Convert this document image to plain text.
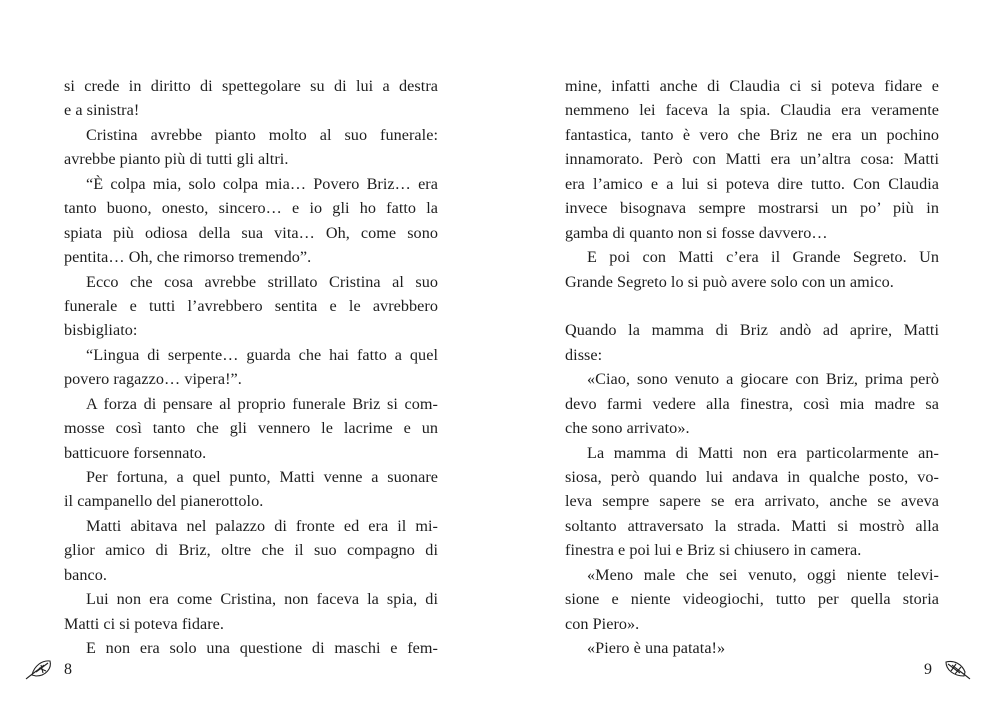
si crede in diritto di spettegolare su di lui a destra
e a sinistra!
Cristina avrebbe pianto molto al suo funerale:
avrebbe pianto più di tutti gli altri.
“È colpa mia, solo colpa mia… Povero Briz… era
tanto buono, onesto, sincero… e io gli ho fatto la
spiata più odiosa della sua vita… Oh, come sono
pentita… Oh, che rimorso tremendo”.
Ecco che cosa avrebbe strillato Cristina al suo
funerale e tutti l’avrebbero sentita e le avrebbero
bisbigliato:
“Lingua di serpente… guarda che hai fatto a quel
povero ragazzo… vipera!”.
A forza di pensare al proprio funerale Briz si com-
mosse così tanto che gli vennero le lacrime e un
batticuore forsennato.
Per fortuna, a quel punto, Matti venne a suonare
il campanello del pianerottolo.
Matti abitava nel palazzo di fronte ed era il mi-
glior amico di Briz, oltre che il suo compagno di
banco.
Lui non era come Cristina, non faceva la spia, di
Matti ci si poteva fidare.
E non era solo una questione di maschi e fem-
mine, infatti anche di Claudia ci si poteva fidare e
nemmeno lei faceva la spia. Claudia era veramente
fantastica, tanto è vero che Briz ne era un pochino
innamorato. Però con Matti era un’altra cosa: Matti
era l’amico e a lui si poteva dire tutto. Con Claudia
invece bisognava sempre mostrarsi un po’ più in
gamba di quanto non si fosse davvero…
E poi con Matti c’era il Grande Segreto. Un
Grande Segreto lo si può avere solo con un amico.
Quando la mamma di Briz andò ad aprire, Matti
disse:
«Ciao, sono venuto a giocare con Briz, prima però
devo farmi vedere alla finestra, così mia madre sa
che sono arrivato».
La mamma di Matti non era particolarmente an-
siosa, però quando lui andava in qualche posto, vo-
leva sempre sapere se era arrivato, anche se aveva
soltanto attraversato la strada. Matti si mostrò alla
finestra e poi lui e Briz si chiusero in camera.
«Meno male che sei venuto, oggi niente televi-
sione e niente videogiochi, tutto per quella storia
con Piero».
«Piero è una patata!»
8	9
